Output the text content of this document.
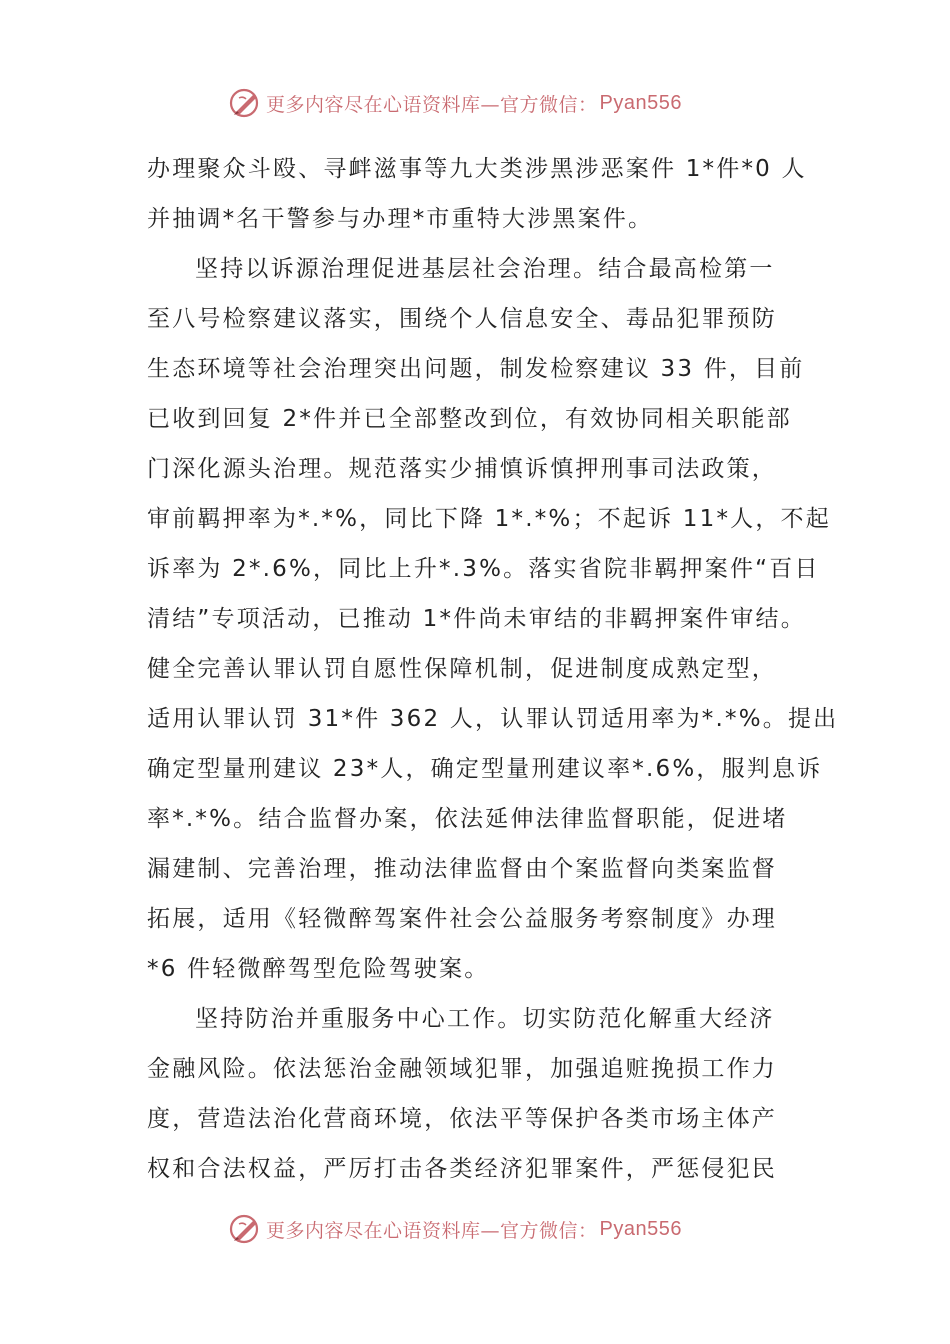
更多内容尽在心语资料库—官方微信： Pyan556
办理聚众斗殴、寻衅滋事等九大类涉黑涉恶案件 1*件*0 人
并抽调*名干警参与办理*市重特大涉黑案件。
坚持以诉源治理促进基层社会治理。结合最高检第一
至八号检察建议落实，围绕个人信息安全、毒品犯罪预防
生态环境等社会治理突出问题，制发检察建议 33 件，目前
已收到回复 2*件并已全部整改到位，有效协同相关职能部
门深化源头治理。规范落实少捕慎诉慎押刑事司法政策，
审前羁押率为*.*%，同比下降 1*.*%；不起诉 11*人，不起
诉率为 2*.6%，同比上升*.3%。落实省院非羁押案件“百日
清结”专项活动，已推动 1*件尚未审结的非羁押案件审结。
健全完善认罪认罚自愿性保障机制，促进制度成熟定型，
适用认罪认罚 31*件 362 人，认罪认罚适用率为*.*%。提出
确定型量刑建议 23*人，确定型量刑建议率*.6%，服判息诉
率*.*%。结合监督办案，依法延伸法律监督职能，促进堵
漏建制、完善治理，推动法律监督由个案监督向类案监督
拓展，适用《轻微醉驾案件社会公益服务考察制度》办理
*6 件轻微醉驾型危险驾驶案。
坚持防治并重服务中心工作。切实防范化解重大经济
金融风险。依法惩治金融领域犯罪，加强追赃挽损工作力
度，营造法治化营商环境，依法平等保护各类市场主体产
权和合法权益，严厉打击各类经济犯罪案件，严惩侵犯民
更多内容尽在心语资料库—官方微信： Pyan556
